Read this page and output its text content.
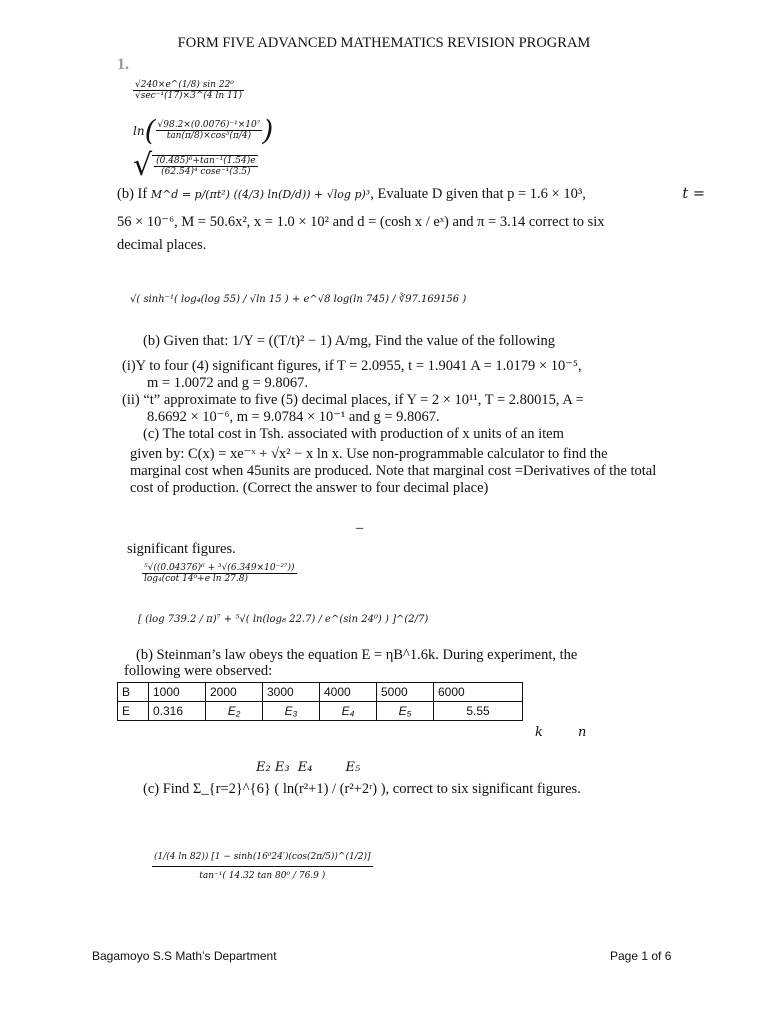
FORM FIVE ADVANCED MATHEMATICS REVISION PROGRAM
1.
√240×e^(1/8) sin 22⁰
√sec⁻¹(17)×3^(4 ln 11)
ln ( $\frac{\text{√98.2×(0.0076)⁻¹×10⁷}}{\text{tan(π/8)×cos³(π/4)}}$ )
√ $\frac{\text{(0.485)⁶+tan⁻¹(1.54)e}}{\text{(62.54)⁴ cose⁻¹(3.5)}}$
(b) If M^d = p/(πt²) ((4/3) ln(D/d)) + √log p)³, Evaluate D given that p = 1.6 × 10³,	t =
56 × 10⁻⁶, M = 50.6x², x = 1.0 × 10² and d = (cosh x / eˣ) and π = 3.14 correct to six
decimal places.
√( sinh⁻¹( log₄(log 55) / √ln 15 ) + e^√8 log(ln 745) / ∛97.169156 )
(b) Given that: 1/Y = ((T/t)² − 1) A/mg, Find the value of the following
(i)Y to four (4) significant figures, if T = 2.0955, t = 1.9041 A = 1.0179 × 10⁻⁵,
m = 1.0072 and g = 9.8067.
(ii) “t” approximate to five (5) decimal places, if Y = 2 × 10¹¹, T = 2.80015, A =
8.6692 × 10⁻⁶, m = 9.0784 × 10⁻¹ and g = 9.8067.
(c) The total cost in Tsh. associated with production of x units of an item
given by: C(x) = xe⁻ˣ + √x² − x ln x. Use non-programmable calculator to find the
marginal cost when 45units are produced. Note that marginal cost =Derivatives of the total
cost of production. (Correct the answer to four decimal place)
–
significant figures.
$\frac{\text{⁵√((0.04376)⁶ + ³√(6.349×10⁻²⁷))}}{\text{log₄(cot 14⁰+e ln 27.8)}}$
[ (log 739.2 / π)⁷ + ⁵√( ln(log₈ 22.7) / e^(sin 24⁰) ) ]^(2/7)
(b) Steinman’s law obeys the equation E = ηB^1.6k. During experiment, the
following were observed:
B	1000	2000	3000	4000	5000	6000
E	0.316	E₂	E₃	E₄	E₅	5.55
k	n
E₂ E₃  E₄        E₅
(c) Find Σ_{r=2}^{6} ( ln(r²+1) / (r²+2ʳ) ), correct to six significant figures.
$\frac{\text{(1/(4 ln 82)) [1 − sinh(16⁰24′)(cos(2π/5))\textasciicircum{}(1/2)]}}{\text{tan⁻¹( 14.32 tan 80⁰ / 76.9 )}}$
Bagamoyo S.S Math’s Department	Page 1 of 6
